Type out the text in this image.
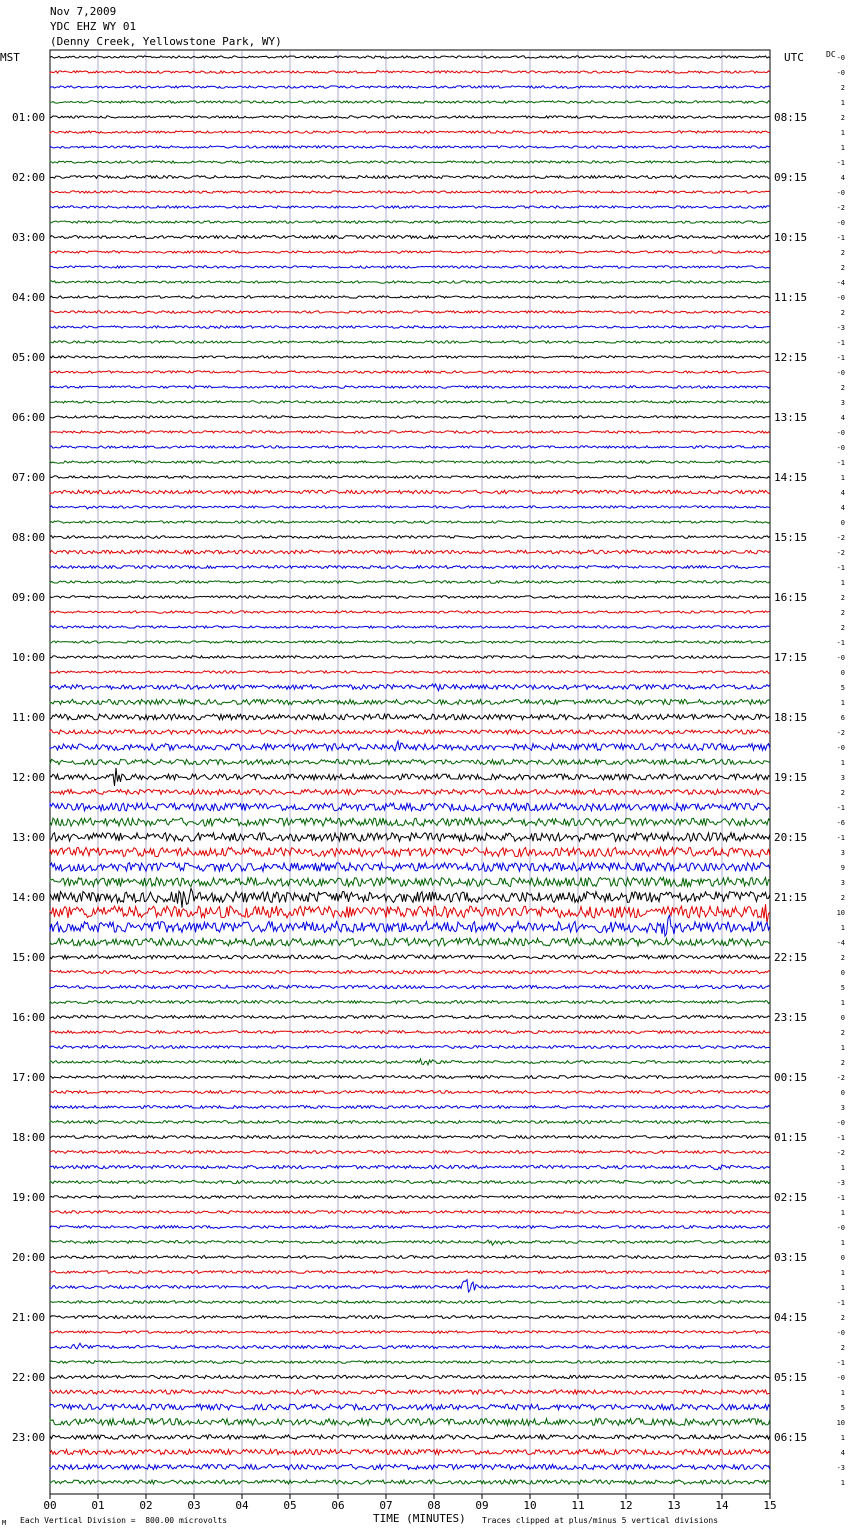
Nov 7,2009
YDC EHZ WY 01
(Denny Creek, Yellowstone Park, WY)
MST	UTC	DC
01:00
02:00
03:00
04:00
05:00
06:00
07:00
08:00
09:00
10:00
11:00
12:00
13:00
14:00
15:00
16:00
17:00
18:00
19:00
20:00
21:00
22:00
23:00
08:15
09:15
10:15
11:15
12:15
13:15
14:15
15:15
16:15
17:15
18:15
19:15
20:15
21:15
22:15
23:15
00:15
01:15
02:15
03:15
04:15
05:15
06:15
-0
-0
2
1
2
1
1
-1
4
-0
-2
-0
-1
2
2
-4
-0
2
-3
-1
-1
-0
2
3
4
-0
-0
-1
1
4
4
0
-2
-2
-1
1
2
2
2
-1
-0
0
5
1
6
-2
-0
1
3
2
-1
-6
-1
3
9
3
2
10
1
-4
2
0
5
1
0
2
1
2
-2
0
3
-0
-1
-2
1
-3
-1
1
-0
1
0
1
1
-1
2
-0
2
-1
-0
1
5
10
1
4
-3
1
00	01	02	03	04	05	06	07	08	09	10	11	12	13	14	15
M Each Vertical Division =  800.00 microvolts	TIME (MINUTES) Traces clipped at plus/minus 5 vertical divisions
